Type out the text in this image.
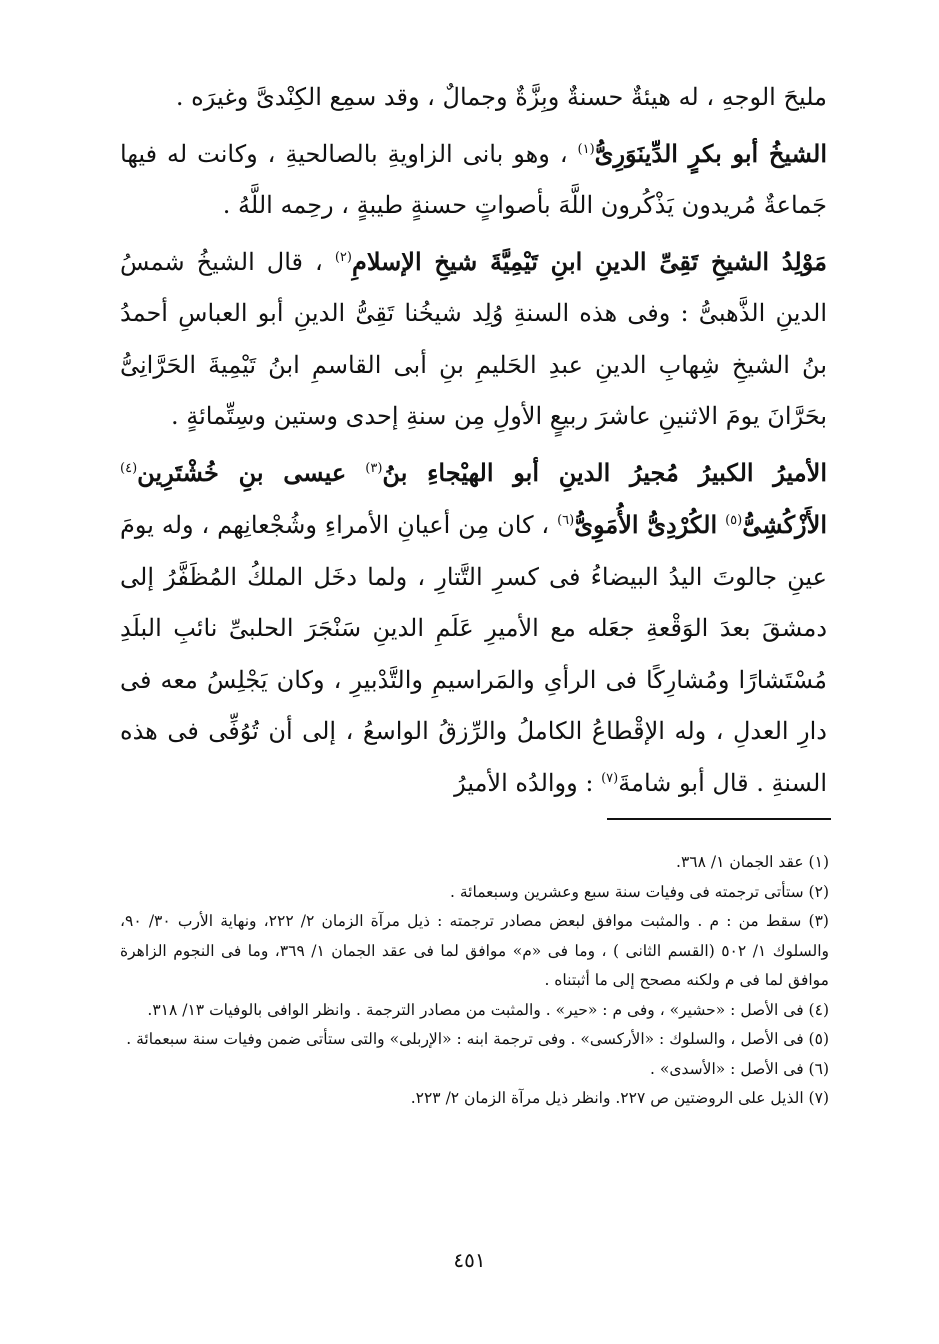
مليحَ الوجهِ ، له هيئةٌ حسنةٌ وبِزَّةٌ وجمالٌ ، وقد سمِع الكِنْدىَّ وغيرَه .

الشيخُ أبو بكرٍ الدِّينَوَرِىُّ$^{(١)}$ ، وهو بانى الزاويةِ بالصالحيةِ ، وكانت له فيها جَماعةٌ مُريدون يَذْكُرون اللَّهَ بأصواتٍ حسنةٍ طيبةٍ ، رحِمه اللَّهُ .

مَوْلِدُ الشيخِ تَقِىِّ الدينِ ابنِ تَيْمِيَّةَ شيخِ الإسلامِ$^{(٢)}$ ، قال الشيخُ شمسُ الدينِ الذَّهبىُّ : وفى هذه السنةِ وُلِد شيخُنا تَقِىُّ الدينِ أبو العباسِ أحمدُ بنُ الشيخِ شِهابِ الدينِ عبدِ الحَليمِ بنِ أبى القاسمِ ابنُ تَيْمِيةَ الحَرَّانِىُّ بحَرَّانَ يومَ الاثنينِ عاشرَ ربيعٍ الأولِ مِن سنةِ إحدى وستين وسِتِّمائةٍ .

الأميرُ الكبيرُ مُجيرُ الدينِ أبو الهيْجاءِ بنُ$^{(٣)}$ عيسى بنِ خُشْتَرِين$^{(٤)}$ الأَزْكُشِىُّ$^{(٥)}$ الكُرْدِىُّ الأُمَوِىُّ$^{(٦)}$ ، كان مِن أعيانِ الأمراءِ وشُجْعانِهم ، وله يومَ عينِ جالوتَ اليدُ البيضاءُ فى كسرِ التَّتارِ ، ولما دخَل الملكُ المُظَفَّرُ إلى دمشقَ بعدَ الوَقْعةِ جعَله مع الأميرِ عَلَمِ الدينِ سَنْجَرَ الحلبىِّ نائبِ البلَدِ مُسْتَشارًا ومُشارِكًا فى الرأىِ والمَراسيمِ والتَّدْبيرِ ، وكان يَجْلِسُ معه فى دارِ العدلِ ، وله الإقْطاعُ الكاملُ والرِّزقُ الواسعُ ، إلى أن تُوُفِّى فى هذه السنةِ . قال أبو شامةَ$^{(٧)}$ : ووالدُه الأميرُ

(١) عقد الجمان ١/ ٣٦٨.

(٢) ستأتى ترجمته فى وفيات سنة سبع وعشرين وسبعمائة .

(٣) سقط من : م . والمثبت موافق لبعض مصادر ترجمته : ذيل مرآة الزمان ٢/ ٢٢٢، ونهاية الأرب ٣٠/ ٩٠، والسلوك ١/ ٥٠٢ (القسم الثانى ) ، وما فى «م» موافق لما فى عقد الجمان ١/ ٣٦٩، وما فى النجوم الزاهرة موافق لما فى م ولكنه مصحح إلى ما أثبتناه .

(٤) فى الأصل : «حشير» ، وفى م : «حير» . والمثبت من مصادر الترجمة . وانظر الوافى بالوفيات ١٣/ ٣١٨.

(٥) فى الأصل ، والسلوك : «الأركسى» . وفى ترجمة ابنه : «الإربلى» والتى ستأتى ضمن وفيات سنة سبعمائة .

(٦) فى الأصل : «الأسدى» .

(٧) الذيل على الروضتين ص ٢٢٧. وانظر ذيل مرآة الزمان ٢/ ٢٢٣.

٤٥١
